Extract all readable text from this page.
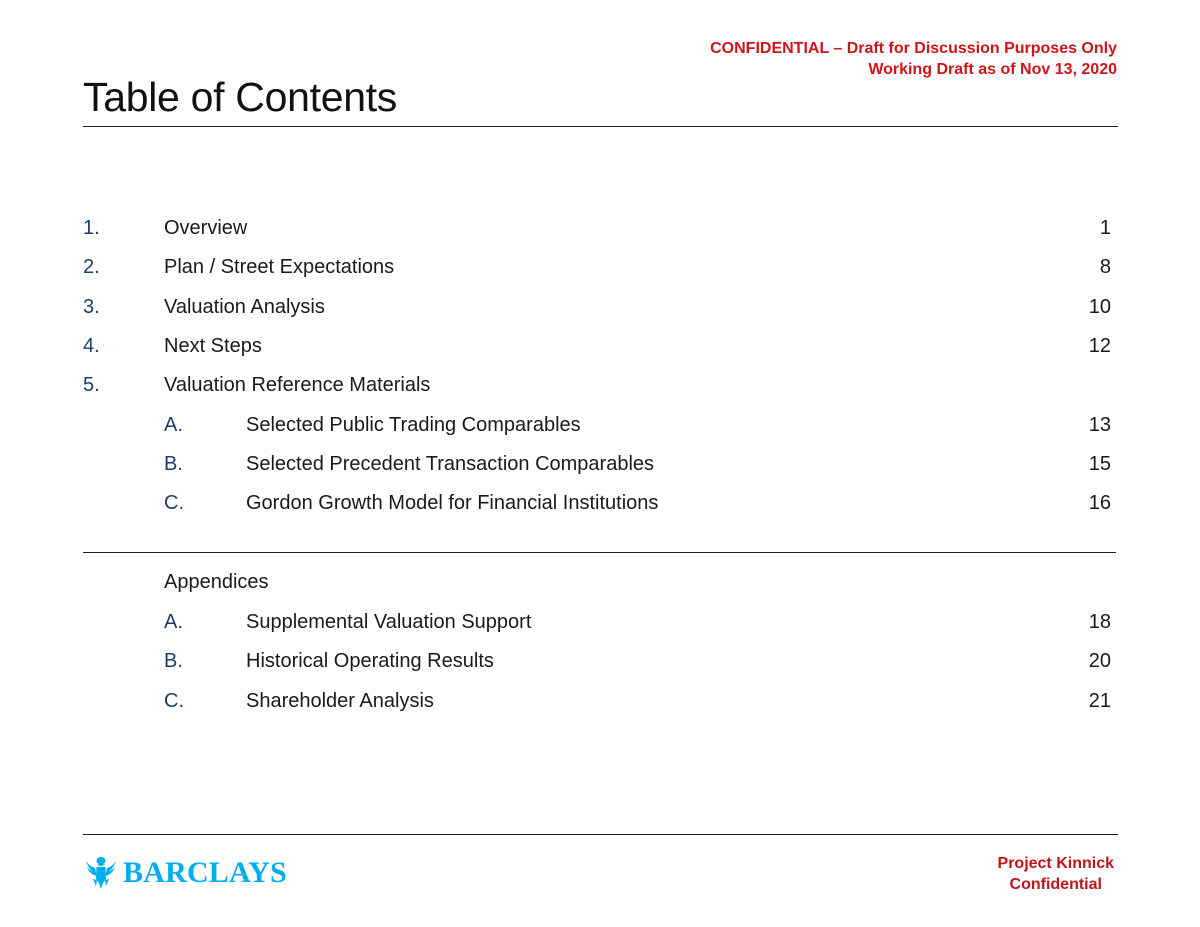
CONFIDENTIAL – Draft for Discussion Purposes Only
Working Draft as of Nov 13, 2020
Table of Contents
1.	Overview	1
2.	Plan / Street Expectations	8
3.	Valuation Analysis	10
4.	Next Steps	12
5.	Valuation Reference Materials
A.	Selected Public Trading Comparables	13
B.	Selected Precedent Transaction Comparables	15
C.	Gordon Growth Model for Financial Institutions	16
Appendices
A.	Supplemental Valuation Support	18
B.	Historical Operating Results	20
C.	Shareholder Analysis	21
BARCLAYS	Project Kinnick
Confidential
